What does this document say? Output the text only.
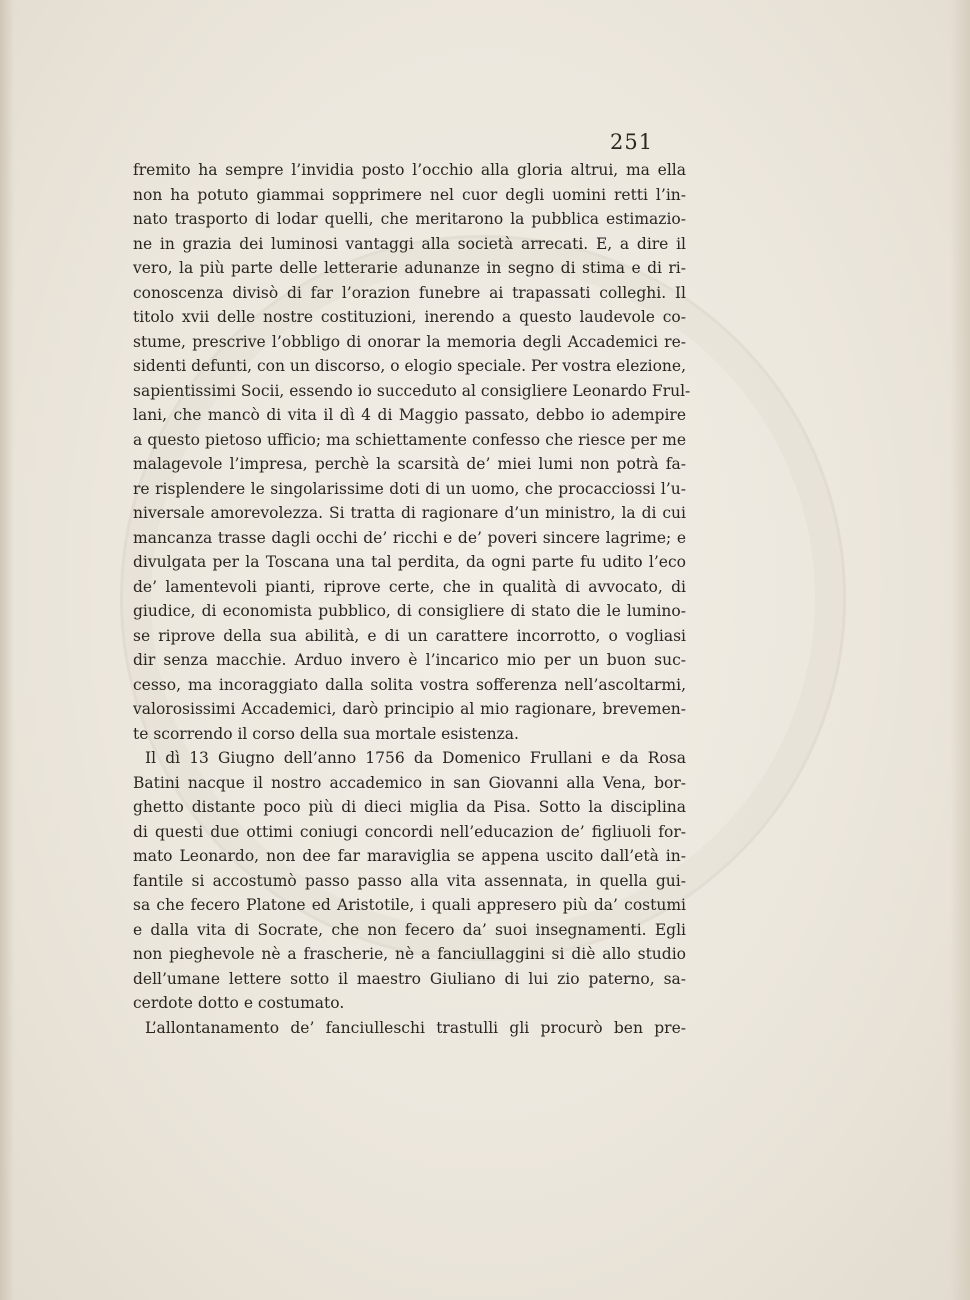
251
fremito ha sempre l’invidia posto l’occhio alla gloria altrui, ma ella
non ha potuto giammai sopprimere nel cuor degli uomini retti l’in-
nato trasporto di lodar quelli, che meritarono la pubblica estimazio-
ne in grazia dei luminosi vantaggi alla società arrecati. E, a dire il
vero, la più parte delle letterarie adunanze in segno di stima e di ri-
conoscenza divisò di far l’orazion funebre ai trapassati colleghi. Il
titolo xvii delle nostre costituzioni, inerendo a questo laudevole co-
stume, prescrive l’obbligo di onorar la memoria degli Accademici re-
sidenti defunti, con un discorso, o elogio speciale. Per vostra elezione,
sapientissimi Socii, essendo io succeduto al consigliere Leonardo Frul-
lani, che mancò di vita il dì 4 di Maggio passato, debbo io adempire
a questo pietoso ufficio; ma schiettamente confesso che riesce per me
malagevole l’impresa, perchè la scarsità de’ miei lumi non potrà fa-
re risplendere le singolarissime doti di un uomo, che procacciossi l’u-
niversale amorevolezza. Si tratta di ragionare d’un ministro, la di cui
mancanza trasse dagli occhi de’ ricchi e de’ poveri sincere lagrime; e
divulgata per la Toscana una tal perdita, da ogni parte fu udito l’eco
de’ lamentevoli pianti, riprove certe, che in qualità di avvocato, di
giudice, di economista pubblico, di consigliere di stato die le lumino-
se riprove della sua abilità, e di un carattere incorrotto, o vogliasi
dir senza macchie. Arduo invero è l’incarico mio per un buon suc-
cesso, ma incoraggiato dalla solita vostra sofferenza nell’ascoltarmi,
valorosissimi Accademici, darò principio al mio ragionare, brevemen-
te scorrendo il corso della sua mortale esistenza.
Il dì 13 Giugno dell’anno 1756 da Domenico Frullani e da Rosa
Batini nacque il nostro accademico in san Giovanni alla Vena, bor-
ghetto distante poco più di dieci miglia da Pisa. Sotto la disciplina
di questi due ottimi coniugi concordi nell’educazion de’ figliuoli for-
mato Leonardo, non dee far maraviglia se appena uscito dall’età in-
fantile si accostumò passo passo alla vita assennata, in quella gui-
sa che fecero Platone ed Aristotile, i quali appresero più da’ costumi
e dalla vita di Socrate, che non fecero da’ suoi insegnamenti. Egli
non pieghevole nè a frascherie, nè a fanciullaggini si diè allo studio
dell’umane lettere sotto il maestro Giuliano di lui zio paterno, sa-
cerdote dotto e costumato.
L’allontanamento de’ fanciulleschi trastulli gli procurò ben pre-
